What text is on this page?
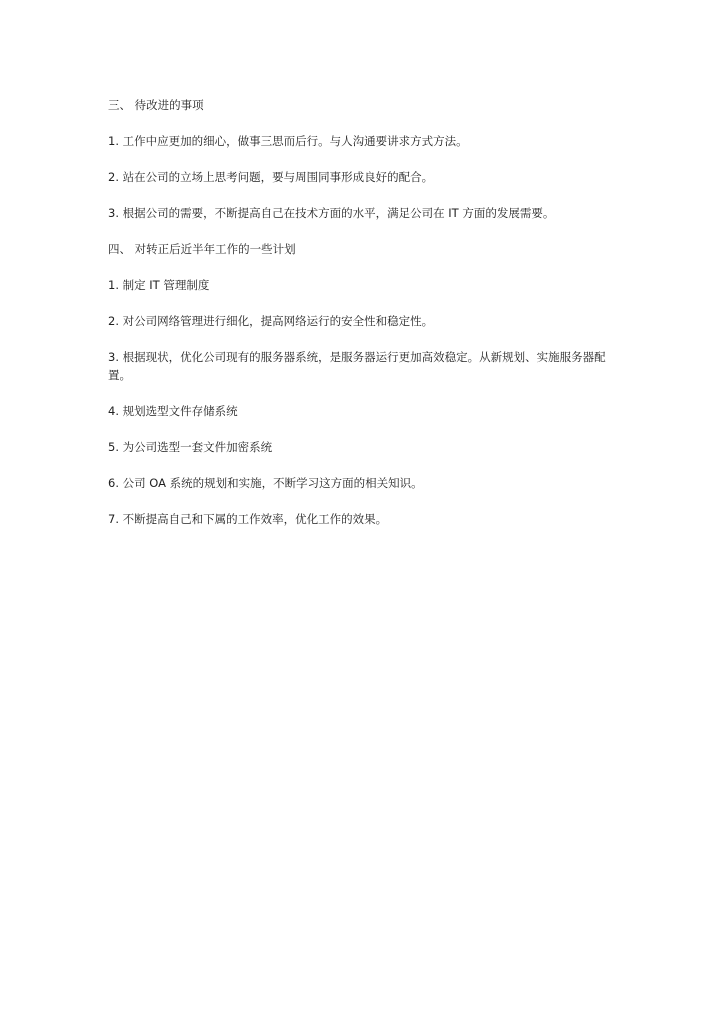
三、 待改进的事项

1. 工作中应更加的细心，做事三思而后行。与人沟通要讲求方式方法。

2. 站在公司的立场上思考问题，要与周围同事形成良好的配合。

3. 根据公司的需要，不断提高自己在技术方面的水平，满足公司在 IT 方面的发展需要。

四、 对转正后近半年工作的一些计划

1. 制定 IT 管理制度

2. 对公司网络管理进行细化，提高网络运行的安全性和稳定性。

3. 根据现状，优化公司现有的服务器系统，是服务器运行更加高效稳定。从新规划、实施服务器配置。

4. 规划选型文件存储系统

5. 为公司选型一套文件加密系统

6. 公司 OA 系统的规划和实施，不断学习这方面的相关知识。

7. 不断提高自己和下属的工作效率，优化工作的效果。
